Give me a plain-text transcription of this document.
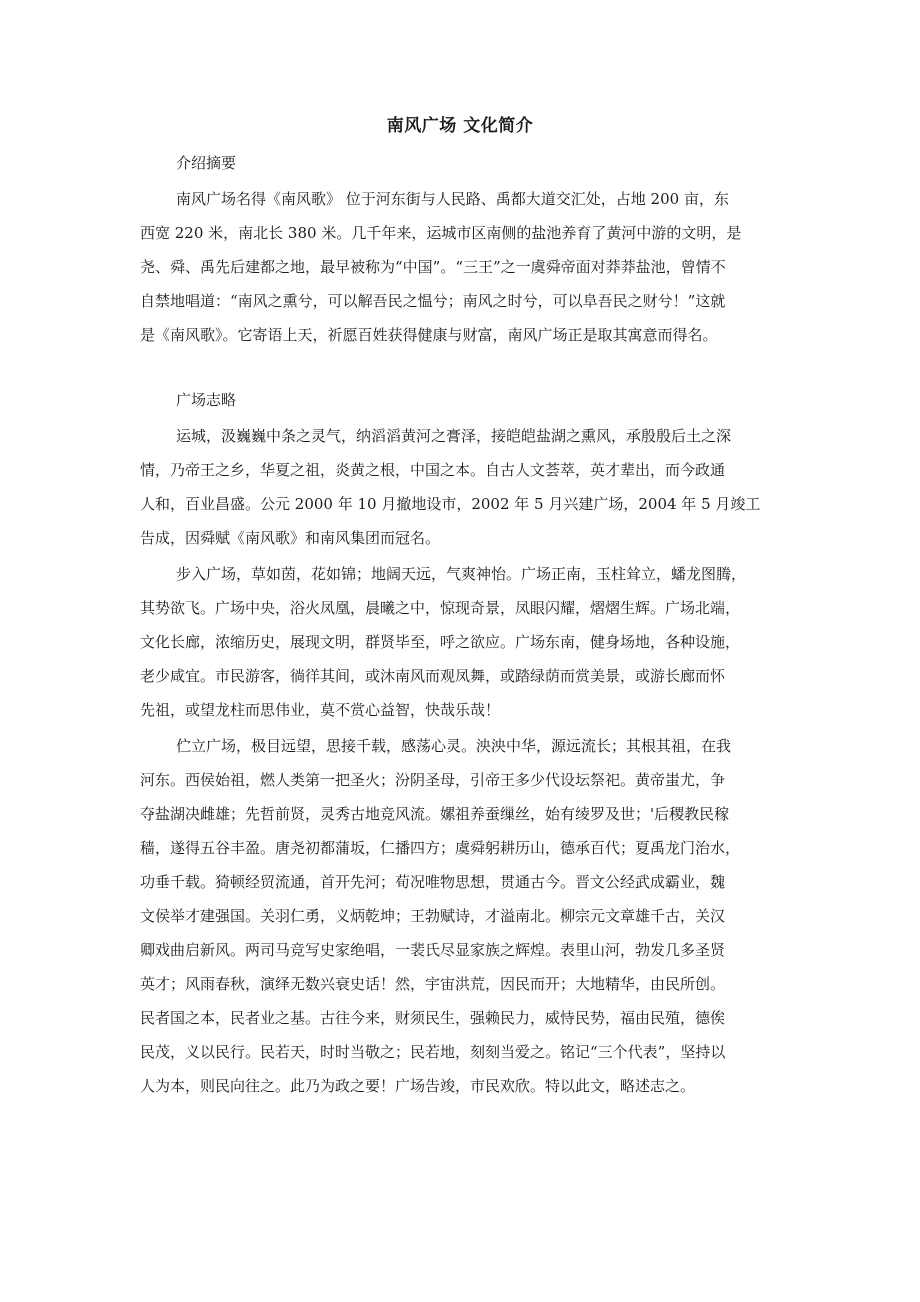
南风广场 文化简介
介绍摘要
南风广场名得《南风歌》 位于河东街与人民路、禹都大道交汇处，占地 200 亩，东
西宽 220 米，南北长 380 米。几千年来，运城市区南侧的盐池养育了黄河中游的文明，是
尧、舜、禹先后建都之地，最早被称为“中国”。“三王”之一虞舜帝面对莽莽盐池，曾情不
自禁地唱道：“南风之熏兮，可以解吾民之愠兮；南风之时兮，可以阜吾民之财兮！”这就
是《南风歌》。它寄语上天，祈愿百姓获得健康与财富，南风广场正是取其寓意而得名。
广场志略
运城，汲巍巍中条之灵气，纳滔滔黄河之膏泽，接皑皑盐湖之熏风，承殷殷后土之深
情，乃帝王之乡，华夏之祖，炎黄之根，中国之本。自古人文荟萃，英才辈出，而今政通
人和，百业昌盛。公元 2000 年 10 月撤地设市，2002 年 5 月兴建广场，2004 年 5 月竣工
告成，因舜赋《南风歌》和南风集团而冠名。
步入广场，草如茵，花如锦；地阔天远，气爽神怡。广场正南，玉柱耸立，蟠龙图腾，
其势欲飞。广场中央，浴火凤凰，晨曦之中，惊现奇景，凤眼闪耀，熠熠生辉。广场北端，
文化长廊，浓缩历史，展现文明，群贤毕至，呼之欲应。广场东南，健身场地，各种设施，
老少咸宜。市民游客，徜徉其间，或沐南风而观凤舞，或踏绿荫而赏美景，或游长廊而怀
先祖，或望龙柱而思伟业，莫不赏心益智，快哉乐哉！
伫立广场，极目远望，思接千载，感荡心灵。泱泱中华，源远流长；其根其祖，在我
河东。西侯始祖，燃人类第一把圣火；汾阴圣母，引帝王多少代设坛祭祀。黄帝蚩尤，争
夺盐湖决雌雄；先哲前贤，灵秀古地竞风流。嫘祖养蚕缫丝，始有绫罗及世；'后稷教民稼
穑，遂得五谷丰盈。唐尧初都蒲坂，仁播四方；虞舜躬耕历山，德承百代；夏禹龙门治水，
功垂千载。猗顿经贸流通，首开先河；荀况唯物思想，贯通古今。晋文公经武成霸业，魏
文侯举才建强国。关羽仁勇，义炳乾坤；王勃赋诗，才溢南北。柳宗元文章雄千古，关汉
卿戏曲启新风。两司马竞写史家绝唱，一裴氏尽显家族之辉煌。表里山河，勃发几多圣贤
英才；风雨春秋，演绎无数兴衰史话！然，宇宙洪荒，因民而开；大地精华，由民所创。
民者国之本，民者业之基。古往今来，财须民生，强赖民力，威恃民势，福由民殖，德俟
民茂，义以民行。民若天，时时当敬之；民若地，刻刻当爱之。铭记“三个代表”，坚持以
人为本，则民向往之。此乃为政之要！广场告竣，市民欢欣。特以此文，略述志之。
